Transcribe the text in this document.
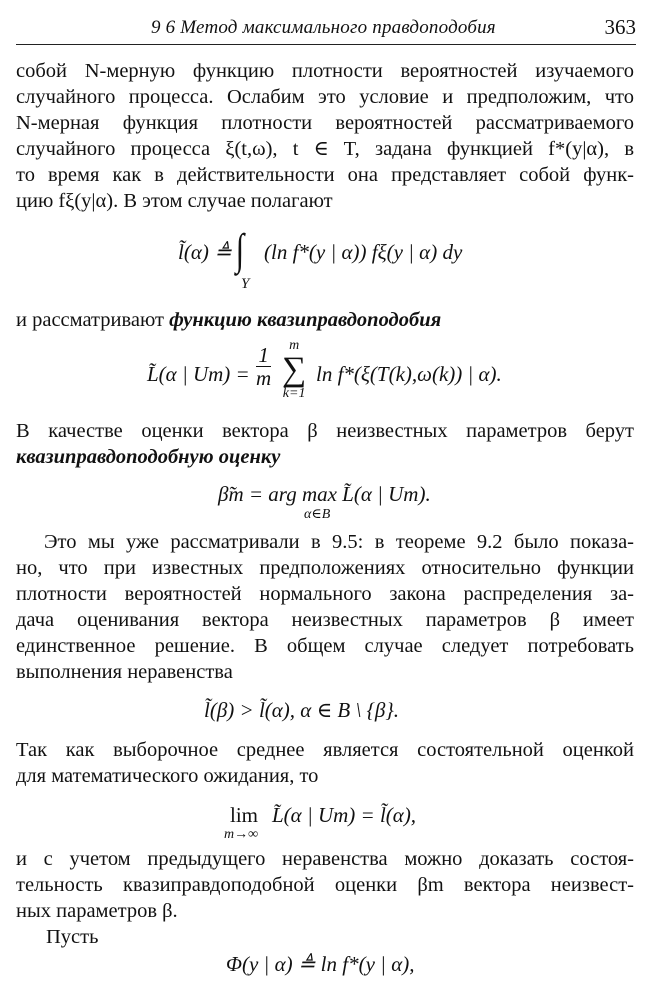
9 6 Метод максимального правдоподобия	363
собой N-мерную функцию плотности вероятностей изучаемого
случайного процесса. Ослабим это условие и предположим, что
N-мерная функция плотности вероятностей рассматриваемого
случайного процесса ξ(t,ω), t ∈ T, задана функцией f*(y|α), в
то время как в действительности она представляет собой функ-
цию fξ(y|α). В этом случае полагают
l̃(α) ≜ ∫
Y
(ln f*(y | α)) fξ(y | α) dy
и рассматривают функцию квазиправдоподобия
L̃(α | $Um) = \frac{1}{m}$	m
∑
k=1
ln f*(ξ(T(k),ω(k)) | α).
В качестве оценки вектора β неизвестных параметров берут
квазиправдоподобную оценку
β̃m = arg max L̃(α | Um).
α∈B
Это мы уже рассматривали в 9.5: в теореме 9.2 было показа-
но, что при известных предположениях относительно функции
плотности вероятностей нормального закона распределения за-
дача оценивания вектора неизвестных параметров β имеет
единственное решение. В общем случае следует потребовать
выполнения неравенства
l̃(β) > l̃(α), α ∈ B \ {β}.
Так как выборочное среднее является состоятельной оценкой
для математического ожидания, то
lim
m→∞
L̃(α | Um) = l̃(α),
и с учетом предыдущего неравенства можно доказать состоя-
тельность квазиправдоподобной оценки βm вектора неизвест-
ных параметров β.
Пусть
Φ(y | α) ≜ ln f*(y | α),
